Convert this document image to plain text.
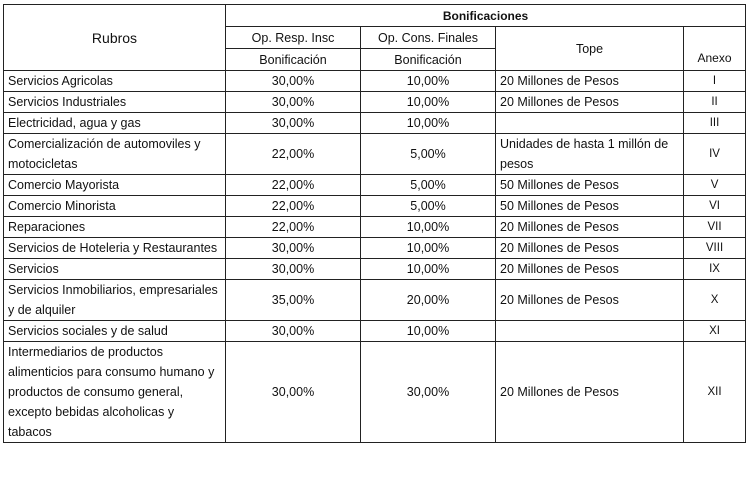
Rubros	Bonificaciones			
	Op. Resp. Insc	Op. Cons. Finales	Tope	Anexo
	Bonificación	Bonificación		
Servicios Agricolas	30,00%	10,00%	20 Millones de Pesos	I
Servicios Industriales	30,00%	10,00%	20 Millones de Pesos	II
Electricidad, agua y gas	30,00%	10,00%		III
Comercialización de automoviles y motocicletas	22,00%	5,00%	Unidades de hasta 1 millón de pesos	IV
Comercio Mayorista	22,00%	5,00%	50 Millones de Pesos	V
Comercio Minorista	22,00%	5,00%	50 Millones de Pesos	VI
Reparaciones	22,00%	10,00%	20 Millones de Pesos	VII
Servicios de Hoteleria y Restaurantes	30,00%	10,00%	20 Millones de Pesos	VIII
Servicios	30,00%	10,00%	20 Millones de Pesos	IX
Servicios Inmobiliarios, empresariales y de alquiler	35,00%	20,00%	20 Millones de Pesos	X
Servicios sociales y de salud	30,00%	10,00%		XI
Intermediarios de productos alimenticios para consumo humano y productos de consumo general, excepto bebidas alcoholicas y tabacos	30,00%	30,00%	20 Millones de Pesos	XII
